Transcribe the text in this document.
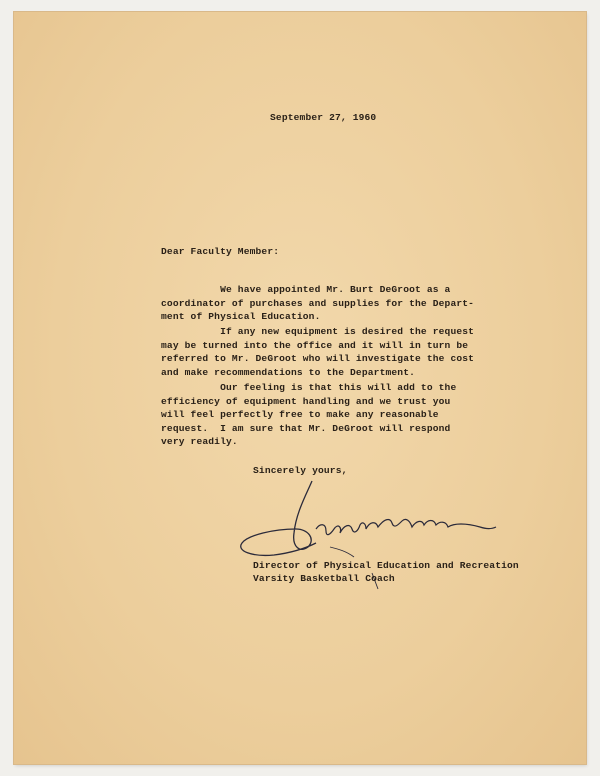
September 27, 1960
Dear Faculty Member:
We have appointed Mr. Burt DeGroot as a
coordinator of purchases and supplies for the Depart-
ment of Physical Education.
If any new equipment is desired the request
may be turned into the office and it will in turn be
referred to Mr. DeGroot who will investigate the cost
and make recommendations to the Department.
Our feeling is that this will add to the
efficiency of equipment handling and we trust you
will feel perfectly free to make any reasonable
request.  I am sure that Mr. DeGroot will respond
very readily.
Sincerely yours,
Director of Physical Education and Recreation
Varsity Basketball Coach
